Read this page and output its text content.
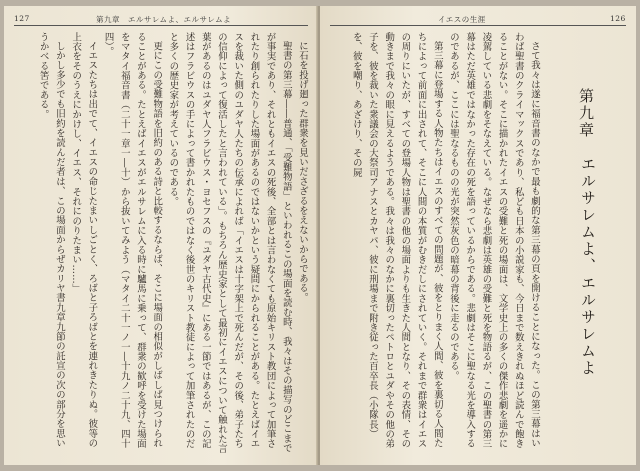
127	第九章　エルサレムよ、エルサレムよ

に石を投げ廻った群衆を見いださざるをえないからである。

聖書の第三幕――普通、「受難物語」といわれるこの場面を読む時、我々はその描写のどこまでが事実であり、それともイエスの死後、全部とは言わなくても原始キリスト教団によって加筆されたり創られたりした場面があるのではないかという疑問にかられることがある。たとえばイエスを裁いた側のユダヤ人たちの伝承によれば「イエスは十字架上で死んだが、その後、弟子たちの信仰によって復活したと言われている」。もちろん歴史家として最初にイエスについて触れた言葉があるのはユダヤ人フラビウス・ヨセフスの『ユダヤ古代史』にある一節ではあるが、この記述はフラビウスの手によって書かれたものではなく後世のキリスト教徒によって加筆されたのだと多くの歴史家が考えているのである。

更にこの受難物語を旧約のある詩と比較するならば、そこに場面の相似がしばしば見つけられることがある。たとえばイエスがエルサレムに入る時に驢馬に乗って、群衆の歓呼を受けた場面をマタイ福音書（二十一章一―十）から抜いてみよう（マタイ二十一ノ一―十九ノ二十九、四十四）。

イエスたちは出でて、イエスの命じたまいしごとく、ろばと子ろばとを連れきたりぬ。彼等の上衣をそのうえにかけし、イエス、それにのりたまい……」

しかし多少でも旧約を読んだ者は、この場面からぜカリヤ書九章九節の託宣の次の部分を思いうかべる筈である。

イエスの生涯	126

さて我々は遂に福音書のなかで最も劇的な第三幕の頁を開けることになった。この第三幕はいわば聖書のクライマックスであり、私ども日本の小説家も、今日まで数えきれぬほど読んで飽きることがない。そこに描かれたイエスの受難と死の場面は、文学史上の多くの傑作悲劇を遥かに凌駕している悲劇をそなえている。なぜなら悲劇は英雄の受難と死を物語るが、この聖書の第三幕はただ英雄ではなかった存在の死を語っているからである。悲劇はそこに聖なる光を導入するのであるが、ここには聖なるものの光が突然灰色の暗幕の背後に走るのである。

第三幕に登場する人物たちはイエスのすべての問題が、彼をとりまく人間、彼を裏切る人間たちによって前面に出されて、そこに人間の本質がむきだしにされていく。それまで群衆はイエスの周りにいたが、すべての登場人物は聖書の他の場面よりも生きた人間となり、その表情、その動きまで我々の眼に見えるようである。我々は我々のなかに裏切ったペトロとユダやその他の弟子を、彼を裁いた衆議会の大祭司アナスとカヤパ、彼に刑場まで附き従った百卒長（小隊長）を、彼を嘲り、あざけり、その屍	第九章
エルサレムよ、エルサレムよ
